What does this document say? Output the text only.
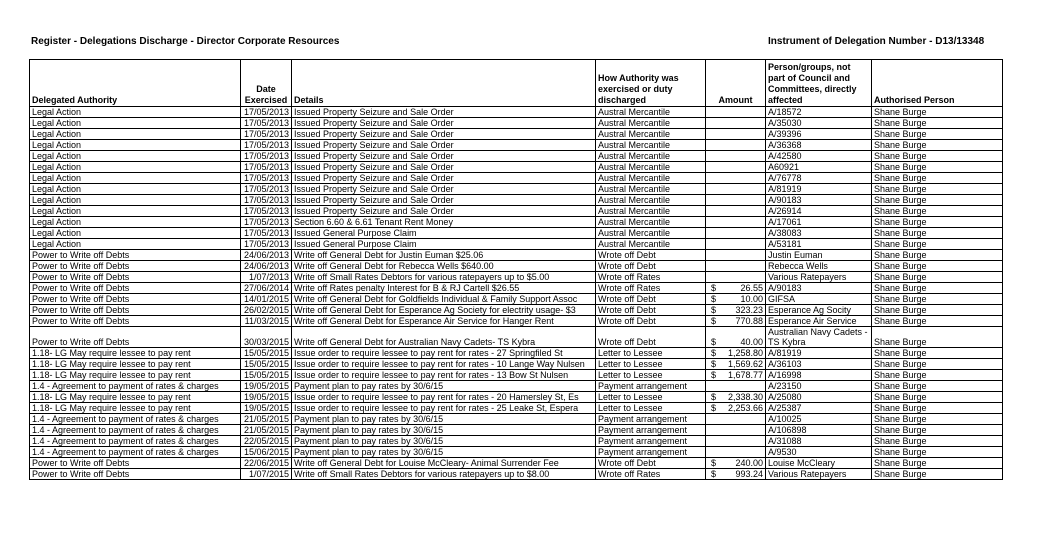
Register - Delegations Discharge - Director Corporate Resources	Instrument of Delegation Number - D13/13348
Delegated Authority	Date Exercised	Details	How Authority was exercised or duty discharged	Amount	Person/groups, not part of Council and Committees, directly affected	Authorised Person
Legal Action	17/05/2013	Issued Property Seizure and Sale Order	Austral Mercantile		A/18572	Shane Burge
Legal Action	17/05/2013	Issued Property Seizure and Sale Order	Austral Mercantile		A/35030	Shane Burge
Legal Action	17/05/2013	Issued Property Seizure and Sale Order	Austral Mercantile		A/39396	Shane Burge
Legal Action	17/05/2013	Issued Property Seizure and Sale Order	Austral Mercantile		A/36368	Shane Burge
Legal Action	17/05/2013	Issued Property Seizure and Sale Order	Austral Mercantile		A/42580	Shane Burge
Legal Action	17/05/2013	Issued Property Seizure and Sale Order	Austral Mercantile		A60921	Shane Burge
Legal Action	17/05/2013	Issued Property Seizure and Sale Order	Austral Mercantile		A/76778	Shane Burge
Legal Action	17/05/2013	Issued Property Seizure and Sale Order	Austral Mercantile		A/81919	Shane Burge
Legal Action	17/05/2013	Issued Property Seizure and Sale Order	Austral Mercantile		A/90183	Shane Burge
Legal Action	17/05/2013	Issued Property Seizure and Sale Order	Austral Mercantile		A/26914	Shane Burge
Legal Action	17/05/2013	Section 6.60 & 6.61 Tenant Rent Money	Austral Mercantile		A/17061	Shane Burge
Legal Action	17/05/2013	Issued General Purpose Claim	Austral Mercantile		A/38083	Shane Burge
Legal Action	17/05/2013	Issued General Purpose Claim	Austral Mercantile		A/53181	Shane Burge
Power to Write off Debts	24/06/2013	Write off General Debt for Justin Euman $25.06	Wrote off Debt		Justin Euman	Shane Burge
Power to Write off Debts	24/06/2013	Write off General Debt for Rebecca Wells $640.00	Wrote off Debt		Rebecca Wells	Shane Burge
Power to Write off Debts	1/07/2013	Write off Small Rates Debtors for various ratepayers up to $5.00	Wrote off Rates		Various Ratepayers	Shane Burge
Power to Write off Debts	27/06/2014	Write off Rates penalty Interest for B & RJ Cartell $26.55	Wrote off Rates	$ 26.55	A/90183	Shane Burge
Power to Write off Debts	14/01/2015	Write off General Debt for Goldfields Individual & Family Support Assoc	Wrote off Debt	$ 10.00	GIFSA	Shane Burge
Power to Write off Debts	26/02/2015	Write off General Debt for Esperance Ag Society for electrity usage- $3	Wrote off Debt	$ 323.23	Esperance Ag Socity	Shane Burge
Power to Write off Debts	11/03/2015	Write off General Debt for Esperance Air Service for Hanger Rent	Wrote off Debt	$ 770.88	Esperance Air Service	Shane Burge
Power to Write off Debts	30/03/2015	Write off General Debt for Australian Navy Cadets- TS Kybra	Wrote off Debt	$ 40.00	Australian Navy Cadets - TS Kybra	Shane Burge
1.18- LG May require lessee to pay rent	15/05/2015	Issue order to require lessee to pay rent for rates - 27 Springfiled St	Letter to Lessee	$ 1,258.80	A/81919	Shane Burge
1.18- LG May require lessee to pay rent	15/05/2015	Issue order to require lessee to pay rent for rates - 10 Lange Way Nulsen	Letter to Lessee	$ 1,569.62	A/36103	Shane Burge
1.18- LG May require lessee to pay rent	15/05/2015	Issue order to require lessee to pay rent for rates - 13 Bow St Nulsen	Letter to Lessee	$ 1,678.77	A/16998	Shane Burge
1.4 - Agreement to payment of rates & charges	19/05/2015	Payment plan to pay rates by 30/6/15	Payment arrangement		A/23150	Shane Burge
1.18- LG May require lessee to pay rent	19/05/2015	Issue order to require lessee to pay rent for rates - 20 Hamersley St, Es	Letter to Lessee	$ 2,338.30	A/25080	Shane Burge
1.18- LG May require lessee to pay rent	19/05/2015	Issue order to require lessee to pay rent for rates - 25 Leake St, Espera	Letter to Lessee	$ 2,253.66	A/25387	Shane Burge
1.4 - Agreement to payment of rates & charges	21/05/2015	Payment plan to pay rates by 30/6/15	Payment arrangement		A/10025	Shane Burge
1.4 - Agreement to payment of rates & charges	21/05/2015	Payment plan to pay rates by 30/6/15	Payment arrangement		A/106898	Shane Burge
1.4 - Agreement to payment of rates & charges	22/05/2015	Payment plan to pay rates by 30/6/15	Payment arrangement		A/31088	Shane Burge
1.4 - Agreement to payment of rates & charges	15/06/2015	Payment plan to pay rates by 30/6/15	Payment arrangement		A/9530	Shane Burge
Power to Write off Debts	22/06/2015	Write off General Debt for Louise McCleary- Animal Surrender Fee	Wrote off Debt	$ 240.00	Louise McCleary	Shane Burge
Power to Write off Debts	1/07/2015	Write off Small Rates Debtors for various ratepayers up to $8.00	Wrote off Rates	$ 993.24	Various Ratepayers	Shane Burge
